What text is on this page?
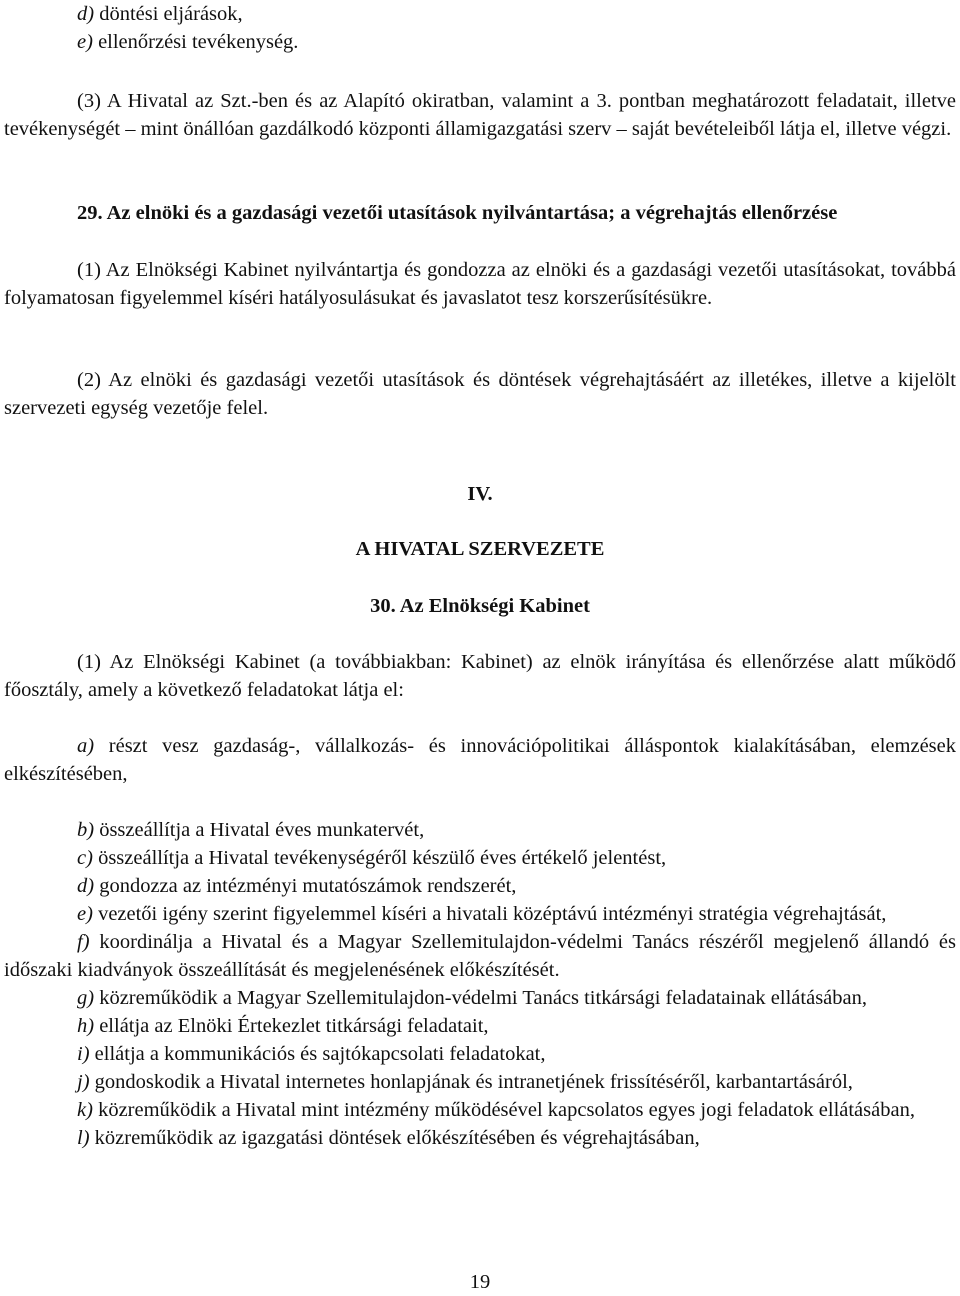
d) döntési eljárások,

e) ellenőrzési tevékenység.

(3) A Hivatal az Szt.-ben és az Alapító okiratban, valamint a 3. pontban meghatározott feladatait, illetve tevékenységét – mint önállóan gazdálkodó központi államigazgatási szerv – saját bevételeiből látja el, illetve végzi.

29. Az elnöki és a gazdasági vezetői utasítások nyilvántartása; a végrehajtás ellenőrzése

(1) Az Elnökségi Kabinet nyilvántartja és gondozza az elnöki és a gazdasági vezetői utasításokat, továbbá folyamatosan figyelemmel kíséri hatályosulásukat és javaslatot tesz korszerűsítésükre.

(2) Az elnöki és gazdasági vezetői utasítások és döntések végrehajtásáért az illetékes, illetve a kijelölt szervezeti egység vezetője felel.

IV.

A HIVATAL SZERVEZETE

30. Az Elnökségi Kabinet

(1) Az Elnökségi Kabinet (a továbbiakban: Kabinet) az elnök irányítása és ellenőrzése alatt működő főosztály, amely a következő feladatokat látja el:

a) részt vesz gazdaság-, vállalkozás- és innovációpolitikai álláspontok kialakításában, elemzések elkészítésében,

b) összeállítja a Hivatal éves munkatervét,

c) összeállítja a Hivatal tevékenységéről készülő éves értékelő jelentést,

d) gondozza az intézményi mutatószámok rendszerét,

e) vezetői igény szerint figyelemmel kíséri a hivatali középtávú intézményi stratégia végrehajtását,

f) koordinálja a Hivatal és a Magyar Szellemitulajdon-védelmi Tanács részéről megjelenő állandó és időszaki kiadványok összeállítását és megjelenésének előkészítését.

g) közreműködik a Magyar Szellemitulajdon-védelmi Tanács titkársági feladatainak ellátásában,

h) ellátja az Elnöki Értekezlet titkársági feladatait,

i) ellátja a kommunikációs és sajtókapcsolati feladatokat,

j) gondoskodik a Hivatal internetes honlapjának és intranetjének frissítéséről, karbantartásáról,

k) közreműködik a Hivatal mint intézmény működésével kapcsolatos egyes jogi feladatok ellátásában,

l) közreműködik az igazgatási döntések előkészítésében és végrehajtásában,

19
